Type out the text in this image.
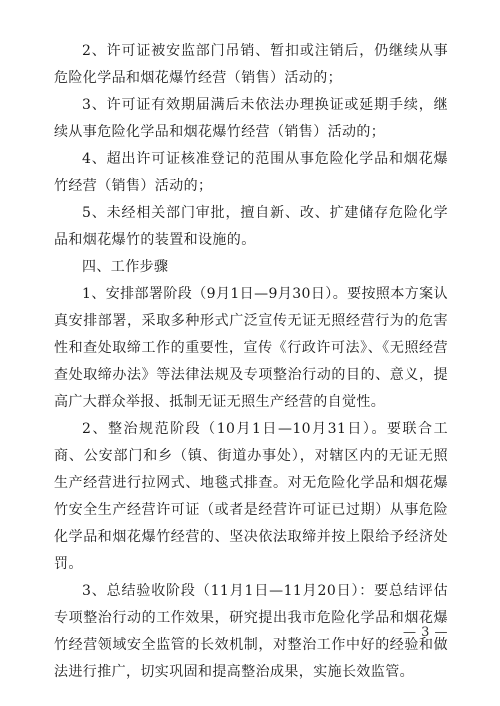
2、许可证被安监部门吊销、暂扣或注销后，仍继续从事危险化学品和烟花爆竹经营（销售）活动的；

3、许可证有效期届满后未依法办理换证或延期手续，继续从事危险化学品和烟花爆竹经营（销售）活动的；

4、超出许可证核准登记的范围从事危险化学品和烟花爆竹经营（销售）活动的；

5、未经相关部门审批，擅自新、改、扩建储存危险化学品和烟花爆竹的装置和设施的。

四、工作步骤

1、安排部署阶段（9月1日—9月30日）。要按照本方案认真安排部署，采取多种形式广泛宣传无证无照经营行为的危害性和查处取缔工作的重要性，宣传《行政许可法》、《无照经营查处取缔办法》等法律法规及专项整治行动的目的、意义，提高广大群众举报、抵制无证无照生产经营的自觉性。

2、整治规范阶段（10月1日—10月31日）。要联合工商、公安部门和乡（镇、街道办事处），对辖区内的无证无照生产经营进行拉网式、地毯式排查。对无危险化学品和烟花爆竹安全生产经营许可证（或者是经营许可证已过期）从事危险化学品和烟花爆竹经营的、坚决依法取缔并按上限给予经济处罚。

3、总结验收阶段（11月1日—11月20日）：要总结评估专项整治行动的工作效果，研究提出我市危险化学品和烟花爆竹经营领域安全监管的长效机制，对整治工作中好的经验和做法进行推广，切实巩固和提高整治成果，实施长效监管。

— 3 —
